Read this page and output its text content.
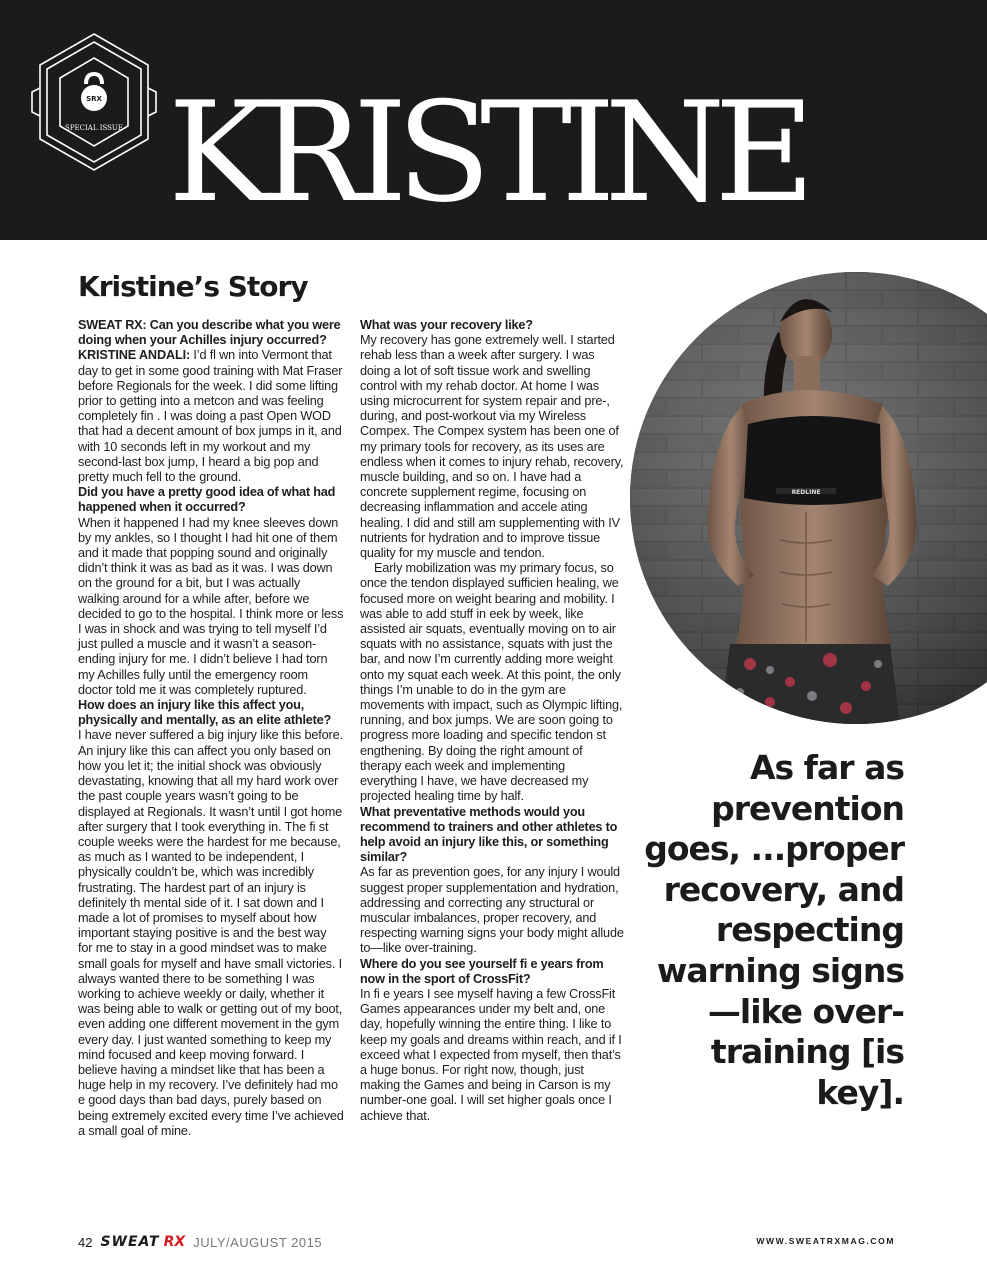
SRX
SPECIAL ISSUE KRISTINE
Kristine’s Story
SWEAT RX: Can you describe what you were doing when your Achilles injury occurred?
KRISTINE ANDALI: I’d fl wn into Vermont that day to get in some good training with Mat Fraser before Regionals for the week. I did some lifting prior to getting into a metcon and was feeling completely fin . I was doing a past Open WOD that had a decent amount of box jumps in it, and with 10 seconds left in my workout and my second-last box jump, I heard a big pop and pretty much fell to the ground.
Did you have a pretty good idea of what had happened when it occurred?
When it happened I had my knee sleeves down by my ankles, so I thought I had hit one of them and it made that popping sound and originally didn’t think it was as bad as it was. I was down on the ground for a bit, but I was actually walking around for a while after, before we decided to go to the hospital. I think more or less I was in shock and was trying to tell myself I’d just pulled a muscle and it wasn’t a season-ending injury for me. I didn’t believe I had torn my Achilles fully until the emergency room doctor told me it was completely ruptured.
How does an injury like this affect you, physically and mentally, as an elite athlete?
I have never suffered a big injury like this before. An injury like this can affect you only based on how you let it; the initial shock was obviously devastating, knowing that all my hard work over the past couple years wasn’t going to be displayed at Regionals. It wasn’t until I got home after surgery that I took everything in. The fi st couple weeks were the hardest for me because, as much as I wanted to be independent, I physically couldn’t be, which was incredibly frustrating. The hardest part of an injury is definitely th mental side of it. I sat down and I made a lot of promises to myself about how important staying positive is and the best way for me to stay in a good mindset was to make small goals for myself and have small victories. I always wanted there to be something I was working to achieve weekly or daily, whether it was being able to walk or getting out of my boot, even adding one different movement in the gym every day. I just wanted something to keep my mind focused and keep moving forward. I believe having a mindset like that has been a huge help in my recovery. I’ve definitely had mo e good days than bad days, purely based on being extremely excited every time I’ve achieved a small goal of mine.
What was your recovery like?
My recovery has gone extremely well. I started rehab less than a week after surgery. I was doing a lot of soft tissue work and swelling control with my rehab doctor. At home I was using microcurrent for system repair and pre-, during, and post-workout via my Wireless Compex. The Compex system has been one of my primary tools for recovery, as its uses are endless when it comes to injury rehab, recovery, muscle building, and so on. I have had a concrete supplement regime, focusing on decreasing inflammation and accele ating healing. I did and still am supplementing with IV nutrients for hydration and to improve tissue quality for my muscle and tendon.
Early mobilization was my primary focus, so once the tendon displayed sufficien healing, we focused more on weight bearing and mobility. I was able to add stuff in eek by week, like assisted air squats, eventually moving on to air squats with no assistance, squats with just the bar, and now I’m currently adding more weight onto my squat each week. At this point, the only things I’m unable to do in the gym are movements with impact, such as Olympic lifting, running, and box jumps. We are soon going to progress more loading and specific tendon st engthening. By doing the right amount of therapy each week and implementing everything I have, we have decreased my projected healing time by half.
What preventative methods would you recommend to trainers and other athletes to help avoid an injury like this, or something similar?
As far as prevention goes, for any injury I would suggest proper supplementation and hydration, addressing and correcting any structural or muscular imbalances, proper recovery, and respecting warning signs your body might allude to—like over-training.
Where do you see yourself fi e years from now in the sport of CrossFit?
In fi e years I see myself having a few CrossFit Games appearances under my belt and, one day, hopefully winning the entire thing. I like to keep my goals and dreams within reach, and if I exceed what I expected from myself, then that’s a huge bonus. For right now, though, just making the Games and being in Carson is my number-one goal. I will set higher goals once I achieve that.
REDLINE
As far as prevention goes, ...proper recovery, and respecting warning signs—like over-training [is key].
42 SWEAT RX JULY/AUGUST 2015	WWW.SWEATRXMAG.COM
